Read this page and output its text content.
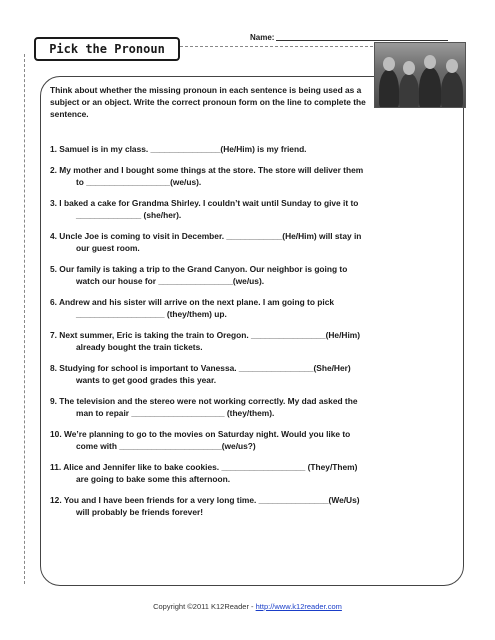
Name:
Pick the Pronoun

Think about whether the missing pronoun in each sentence is being used as a subject or an object. Write the correct pronoun form on the line to complete the sentence.

1. Samuel is in my class. _______________(He/Him) is my friend.
2. My mother and I bought some things at the store. The store will deliver them
to __________________(we/us).
3. I baked a cake for Grandma Shirley. I couldn’t wait until Sunday to give it to
______________ (she/her).
4. Uncle Joe is coming to visit in December. ____________(He/Him) will stay in
our guest room.
5. Our family is taking a trip to the Grand Canyon. Our neighbor is going to
watch our house for ________________(we/us).
6. Andrew and his sister will arrive on the next plane. I am going to pick
___________________ (they/them) up.
7. Next summer, Eric is taking the train to Oregon. ________________(He/Him)
already bought the train tickets.
8. Studying for school is important to Vanessa. ________________(She/Her)
wants to get good grades this year.
9. The television and the stereo were not working correctly. My dad asked the
man to repair ____________________ (they/them).
10. We’re planning to go to the movies on Saturday night. Would you like to
come with ______________________(we/us?)
11. Alice and Jennifer like to bake cookies. __________________ (They/Them)
are going to bake some this afternoon.
12. You and I have been friends for a very long time. _______________(We/Us)
will probably be friends forever!
Copyright ©2011 K12Reader - http://www.k12reader.com
